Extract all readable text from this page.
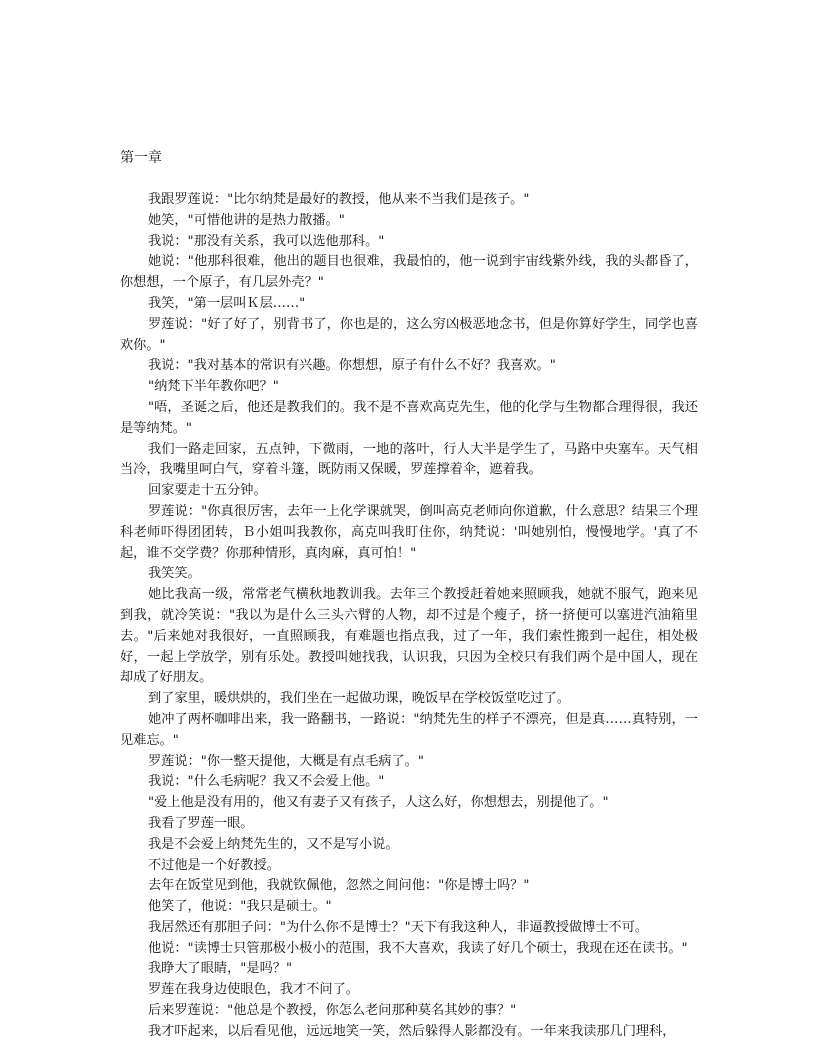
第一章

我跟罗莲说："比尔纳梵是最好的教授，他从来不当我们是孩子。"

她笑，"可惜他讲的是热力散播。"

我说："那没有关系，我可以选他那科。"

她说："他那科很难，他出的题目也很难，我最怕的，他一说到宇宙线紫外线，我的头都昏了，你想想，一个原子，有几层外壳？"

我笑，"第一层叫Ｋ层……"

罗莲说："好了好了，别背书了，你也是的，这么穷凶极恶地念书，但是你算好学生，同学也喜欢你。"

我说："我对基本的常识有兴趣。你想想，原子有什么不好？我喜欢。"

"纳梵下半年教你吧？"

"唔，圣诞之后，他还是教我们的。我不是不喜欢高克先生，他的化学与生物都合理得很，我还是等纳梵。"

我们一路走回家，五点钟，下微雨，一地的落叶，行人大半是学生了，马路中央塞车。天气相当冷，我嘴里呵白气，穿着斗篷，既防雨又保暖，罗莲撑着伞，遮着我。

回家要走十五分钟。

罗莲说："你真很厉害，去年一上化学课就哭，倒叫高克老师向你道歉，什么意思？结果三个理科老师吓得团团转，Ｂ小姐叫我教你，高克叫我盯住你，纳梵说：'叫她别怕，慢慢地学。'真了不起，谁不交学费？你那种情形，真肉麻，真可怕！"

我笑笑。

她比我高一级，常常老气横秋地教训我。去年三个教授赶着她来照顾我，她就不服气，跑来见到我，就冷笑说："我以为是什么三头六臂的人物，却不过是个瘦子，挤一挤便可以塞进汽油箱里去。"后来她对我很好，一直照顾我，有难题也指点我，过了一年，我们索性搬到一起住，相处极好，一起上学放学，别有乐处。教授叫她找我，认识我，只因为全校只有我们两个是中国人，现在却成了好朋友。

到了家里，暖烘烘的，我们坐在一起做功课，晚饭早在学校饭堂吃过了。

她冲了两杯咖啡出来，我一路翻书，一路说："纳梵先生的样子不漂亮，但是真……真特别，一见难忘。"

罗莲说："你一整天提他，大概是有点毛病了。"

我说："什么毛病呢？我又不会爱上他。"

"爱上他是没有用的，他又有妻子又有孩子，人这么好，你想想去，别提他了。"

我看了罗莲一眼。

我是不会爱上纳梵先生的，又不是写小说。

不过他是一个好教授。

去年在饭堂见到他，我就钦佩他，忽然之间问他："你是博士吗？"

他笑了，他说："我只是硕士。"

我居然还有那胆子问："为什么你不是博士？"天下有我这种人，非逼教授做博士不可。

他说："读博士只管那极小极小的范围，我不大喜欢，我读了好几个硕士，我现在还在读书。"

我睁大了眼睛，"是吗？"

罗莲在我身边使眼色，我才不问了。

后来罗莲说："他总是个教授，你怎么老问那种莫名其妙的事？"

我才吓起来，以后看见他，远远地笑一笑，然后躲得人影都没有。一年来我读那几门理科，
